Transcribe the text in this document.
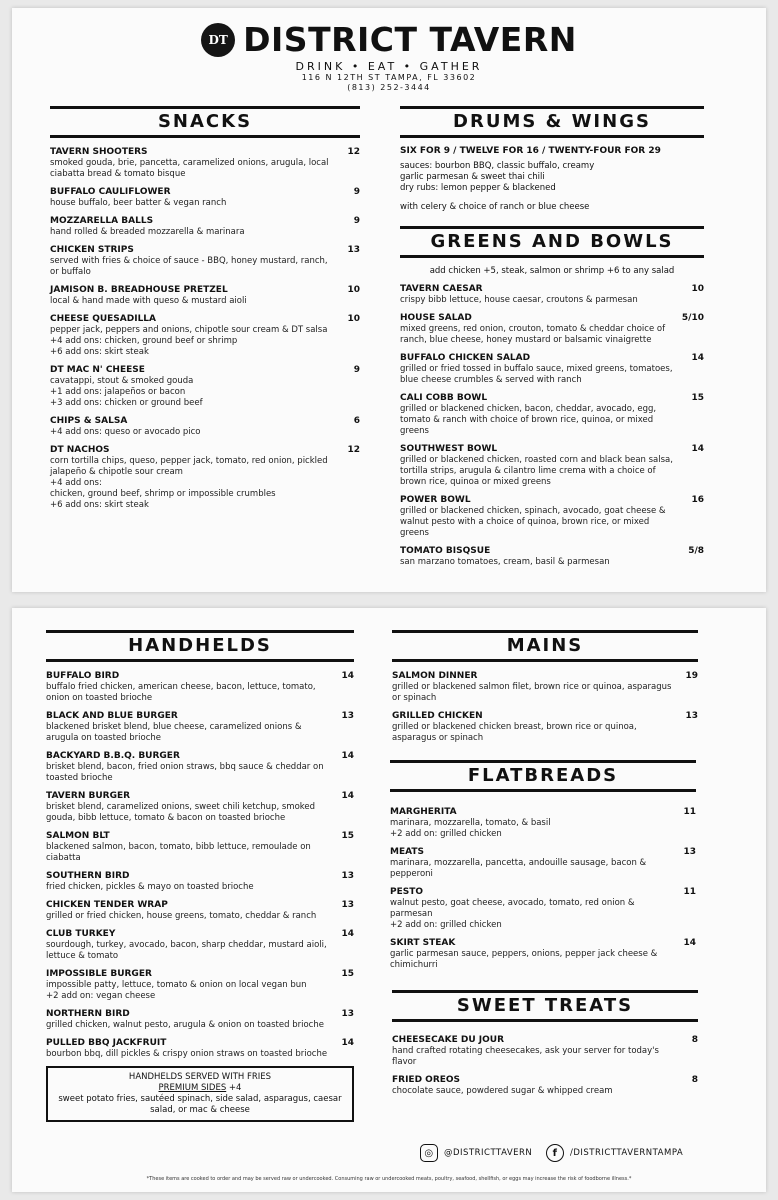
DT DISTRICT TAVERN
DRINK • EAT • GATHER
116 N 12TH ST TAMPA, FL 33602
(813) 252-3444
SNACKS
TAVERN SHOOTERS	12
smoked gouda, brie, pancetta, caramelized onions, arugula, local ciabatta bread & tomato bisque
BUFFALO CAULIFLOWER	9
house buffalo, beer batter & vegan ranch
MOZZARELLA BALLS	9
hand rolled & breaded mozzarella & marinara
CHICKEN STRIPS	13
served with fries & choice of sauce - BBQ, honey mustard, ranch, or buffalo
JAMISON B. BREADHOUSE PRETZEL	10
local & hand made with queso & mustard aioli
CHEESE QUESADILLA	10
pepper jack, peppers and onions, chipotle sour cream & DT salsa
+4 add ons: chicken, ground beef or shrimp
+6 add ons: skirt steak
DT MAC N' CHEESE	9
cavatappi, stout & smoked gouda
+1 add ons: jalapeños or bacon
+3 add ons: chicken or ground beef
CHIPS & SALSA	6
+4 add ons: queso or avocado pico
DT NACHOS	12
corn tortilla chips, queso, pepper jack, tomato, red onion, pickled jalapeño & chipotle sour cream
+4 add ons:
chicken, ground beef, shrimp or impossible crumbles
+6 add ons: skirt steak
DRUMS & WINGS
SIX FOR 9 / TWELVE FOR 16 / TWENTY-FOUR FOR 29
sauces: bourbon BBQ, classic buffalo, creamy
garlic parmesan & sweet thai chili
dry rubs: lemon pepper & blackened
with celery & choice of ranch or blue cheese
GREENS AND BOWLS
add chicken +5, steak, salmon or shrimp +6 to any salad
TAVERN CAESAR	10
crispy bibb lettuce, house caesar, croutons & parmesan
HOUSE SALAD	5/10
mixed greens, red onion, crouton, tomato & cheddar choice of ranch, blue cheese, honey mustard or balsamic vinaigrette
BUFFALO CHICKEN SALAD	14
grilled or fried tossed in buffalo sauce, mixed greens, tomatoes, blue cheese crumbles & served with ranch
CALI COBB BOWL	15
grilled or blackened chicken, bacon, cheddar, avocado, egg, tomato & ranch with choice of brown rice, quinoa, or mixed greens
SOUTHWEST BOWL	14
grilled or blackened chicken, roasted corn and black bean salsa, tortilla strips, arugula & cilantro lime crema with a choice of brown rice, quinoa or mixed greens
POWER BOWL	16
grilled or blackened chicken, spinach, avocado, goat cheese & walnut pesto with a choice of quinoa, brown rice, or mixed greens
TOMATO BISQSUE	5/8
san marzano tomatoes, cream, basil & parmesan
HANDHELDS
BUFFALO BIRD	14
buffalo fried chicken, american cheese, bacon, lettuce, tomato, onion on toasted brioche
BLACK AND BLUE BURGER	13
blackened brisket blend, blue cheese, caramelized onions & arugula on toasted brioche
BACKYARD B.B.Q. BURGER	14
brisket blend, bacon, fried onion straws, bbq sauce & cheddar on toasted brioche
TAVERN BURGER	14
brisket blend, caramelized onions, sweet chili ketchup, smoked gouda, bibb lettuce, tomato & bacon on toasted brioche
SALMON BLT	15
blackened salmon, bacon, tomato, bibb lettuce, remoulade on ciabatta
SOUTHERN BIRD	13
fried chicken, pickles & mayo on toasted brioche
CHICKEN TENDER WRAP	13
grilled or fried chicken, house greens, tomato, cheddar & ranch
CLUB TURKEY	14
sourdough, turkey, avocado, bacon, sharp cheddar, mustard aioli, lettuce & tomato
IMPOSSIBLE BURGER	15
impossible patty, lettuce, tomato & onion on local vegan bun
+2 add on: vegan cheese
NORTHERN BIRD	13
grilled chicken, walnut pesto, arugula & onion on toasted brioche
PULLED BBQ JACKFRUIT	14
bourbon bbq, dill pickles & crispy onion straws on toasted brioche
HANDHELDS SERVED WITH FRIES
PREMIUM SIDES +4
sweet potato fries, sautéed spinach, side salad, asparagus, caesar salad, or mac & cheese
MAINS
SALMON DINNER	19
grilled or blackened salmon filet, brown rice or quinoa, asparagus or spinach
GRILLED CHICKEN	13
grilled or blackened chicken breast, brown rice or quinoa, asparagus or spinach
FLATBREADS
MARGHERITA	11
marinara, mozzarella, tomato, & basil
+2 add on: grilled chicken
MEATS	13
marinara, mozzarella, pancetta, andouille sausage, bacon & pepperoni
PESTO	11
walnut pesto, goat cheese, avocado, tomato, red onion & parmesan
+2 add on: grilled chicken
SKIRT STEAK	14
garlic parmesan sauce, peppers, onions, pepper jack cheese & chimichurri
SWEET TREATS
CHEESECAKE DU JOUR	8
hand crafted rotating cheesecakes, ask your server for today's flavor
FRIED OREOS	8
chocolate sauce, powdered sugar & whipped cream
◎	@DISTRICTTAVERN	f	/DISTRICTTAVERNTAMPA
*These items are cooked to order and may be served raw or undercooked. Consuming raw or undercooked meats, poultry, seafood, shellfish, or eggs may increase the risk of foodborne illness.*
